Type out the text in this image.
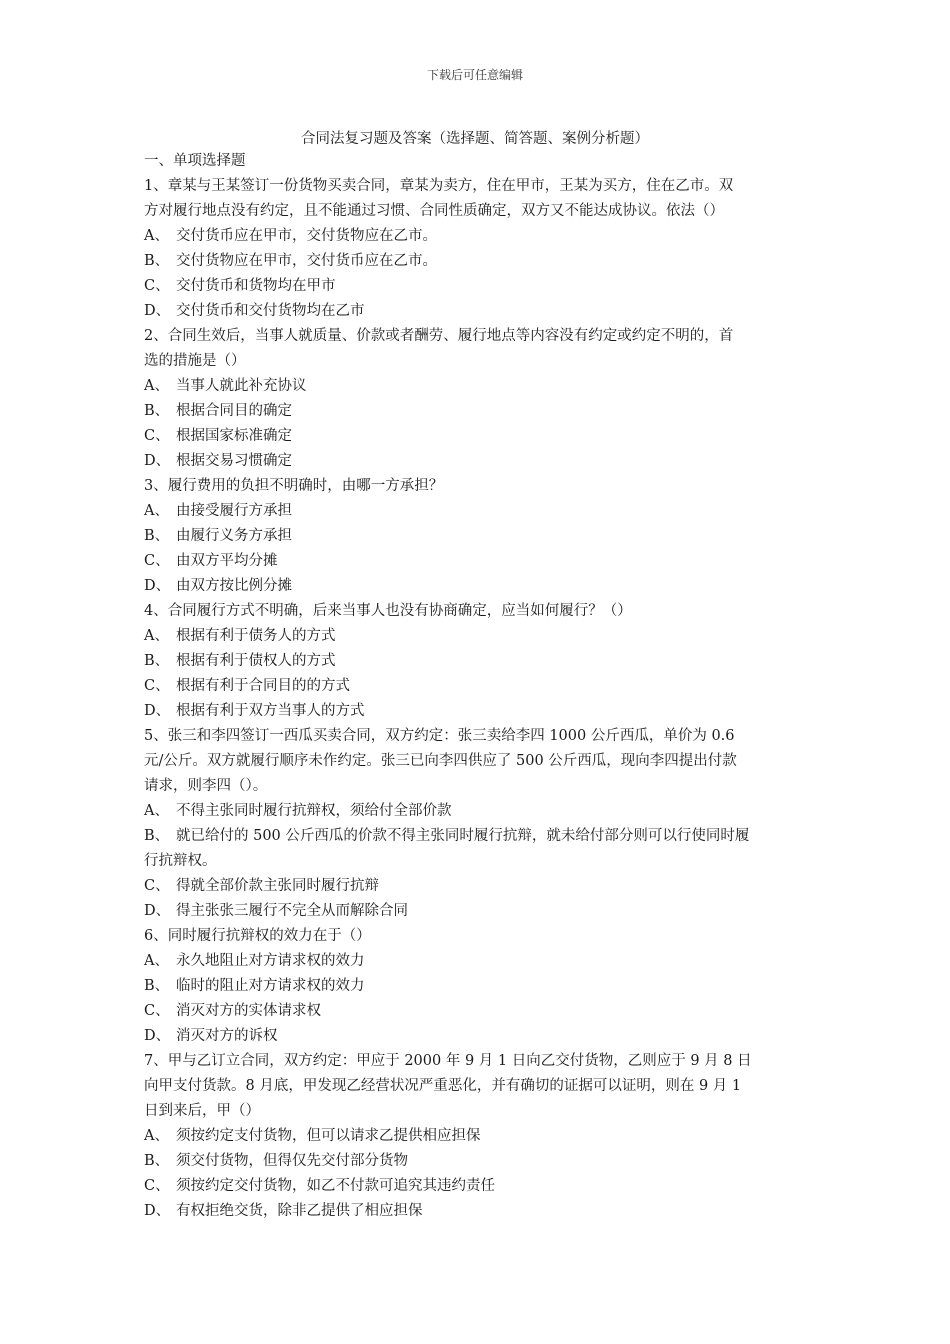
下载后可任意编辑
合同法复习题及答案（选择题、简答题、案例分析题）
一、单项选择题
1、章某与王某签订一份货物买卖合同，章某为卖方，住在甲市，王某为买方，住在乙市。双
方对履行地点没有约定，且不能通过习惯、合同性质确定，双方又不能达成协议。依法（）
A、 交付货币应在甲市，交付货物应在乙市。
B、 交付货物应在甲市，交付货币应在乙市。
C、 交付货币和货物均在甲市
D、 交付货币和交付货物均在乙市
2、合同生效后，当事人就质量、价款或者酬劳、履行地点等内容没有约定或约定不明的，首
选的措施是（）
A、 当事人就此补充协议
B、 根据合同目的确定
C、 根据国家标准确定
D、 根据交易习惯确定
3、履行费用的负担不明确时，由哪一方承担？
A、 由接受履行方承担
B、 由履行义务方承担
C、 由双方平均分摊
D、 由双方按比例分摊
4、合同履行方式不明确，后来当事人也没有协商确定，应当如何履行？（）
A、 根据有利于债务人的方式
B、 根据有利于债权人的方式
C、 根据有利于合同目的的方式
D、 根据有利于双方当事人的方式
5、张三和李四签订一西瓜买卖合同，双方约定：张三卖给李四 1000 公斤西瓜，单价为 0.6
元/公斤。双方就履行顺序未作约定。张三已向李四供应了 500 公斤西瓜，现向李四提出付款
请求，则李四（）。
A、 不得主张同时履行抗辩权，须给付全部价款
B、 就已给付的 500 公斤西瓜的价款不得主张同时履行抗辩，就未给付部分则可以行使同时履
行抗辩权。
C、 得就全部价款主张同时履行抗辩
D、 得主张张三履行不完全从而解除合同
6、同时履行抗辩权的效力在于（）
A、 永久地阻止对方请求权的效力
B、 临时的阻止对方请求权的效力
C、 消灭对方的实体请求权
D、 消灭对方的诉权
7、甲与乙订立合同，双方约定：甲应于 2000 年 9 月 1 日向乙交付货物，乙则应于 9 月 8 日
向甲支付货款。8 月底，甲发现乙经营状况严重恶化，并有确切的证据可以证明，则在 9 月 1
日到来后，甲（）
A、 须按约定支付货物，但可以请求乙提供相应担保
B、 须交付货物，但得仅先交付部分货物
C、 须按约定交付货物，如乙不付款可追究其违约责任
D、 有权拒绝交货，除非乙提供了相应担保
